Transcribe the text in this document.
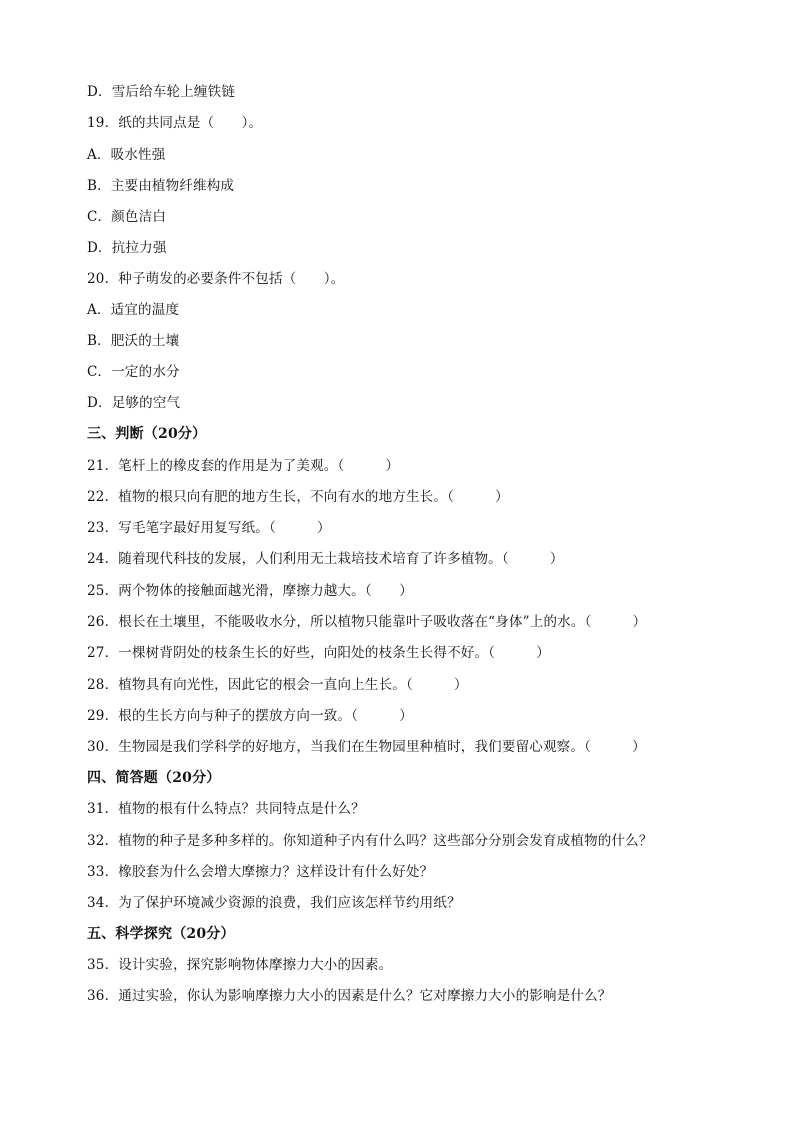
D．雪后给车轮上缠铁链
19．纸的共同点是（　　）。
A．吸水性强
B．主要由植物纤维构成
C．颜色洁白
D．抗拉力强
20．种子萌发的必要条件不包括（　　）。
A．适宜的温度
B．肥沃的土壤
C．一定的水分
D．足够的空气
三、判断（20分）
21．笔杆上的橡皮套的作用是为了美观。（　　　）
22．植物的根只向有肥的地方生长，不向有水的地方生长。（　　　）
23．写毛笔字最好用复写纸。（　　　）
24．随着现代科技的发展，人们利用无土栽培技术培育了许多植物。（　　　）
25．两个物体的接触面越光滑，摩擦力越大。（　　）
26．根长在土壤里，不能吸收水分，所以植物只能靠叶子吸收落在“身体”上的水。（　　　）
27．一棵树背阴处的枝条生长的好些，向阳处的枝条生长得不好。（　　　）
28．植物具有向光性，因此它的根会一直向上生长。（　　　）
29．根的生长方向与种子的摆放方向一致。（　　　）
30．生物园是我们学科学的好地方，当我们在生物园里种植时，我们要留心观察。（　　　）
四、简答题（20分）
31．植物的根有什么特点？共同特点是什么？
32．植物的种子是多种多样的。你知道种子内有什么吗？这些部分分别会发育成植物的什么？
33．橡胶套为什么会增大摩擦力？这样设计有什么好处？
34．为了保护环境减少资源的浪费，我们应该怎样节约用纸？
五、科学探究（20分）
35．设计实验，探究影响物体摩擦力大小的因素。
36．通过实验，你认为影响摩擦力大小的因素是什么？它对摩擦力大小的影响是什么？
